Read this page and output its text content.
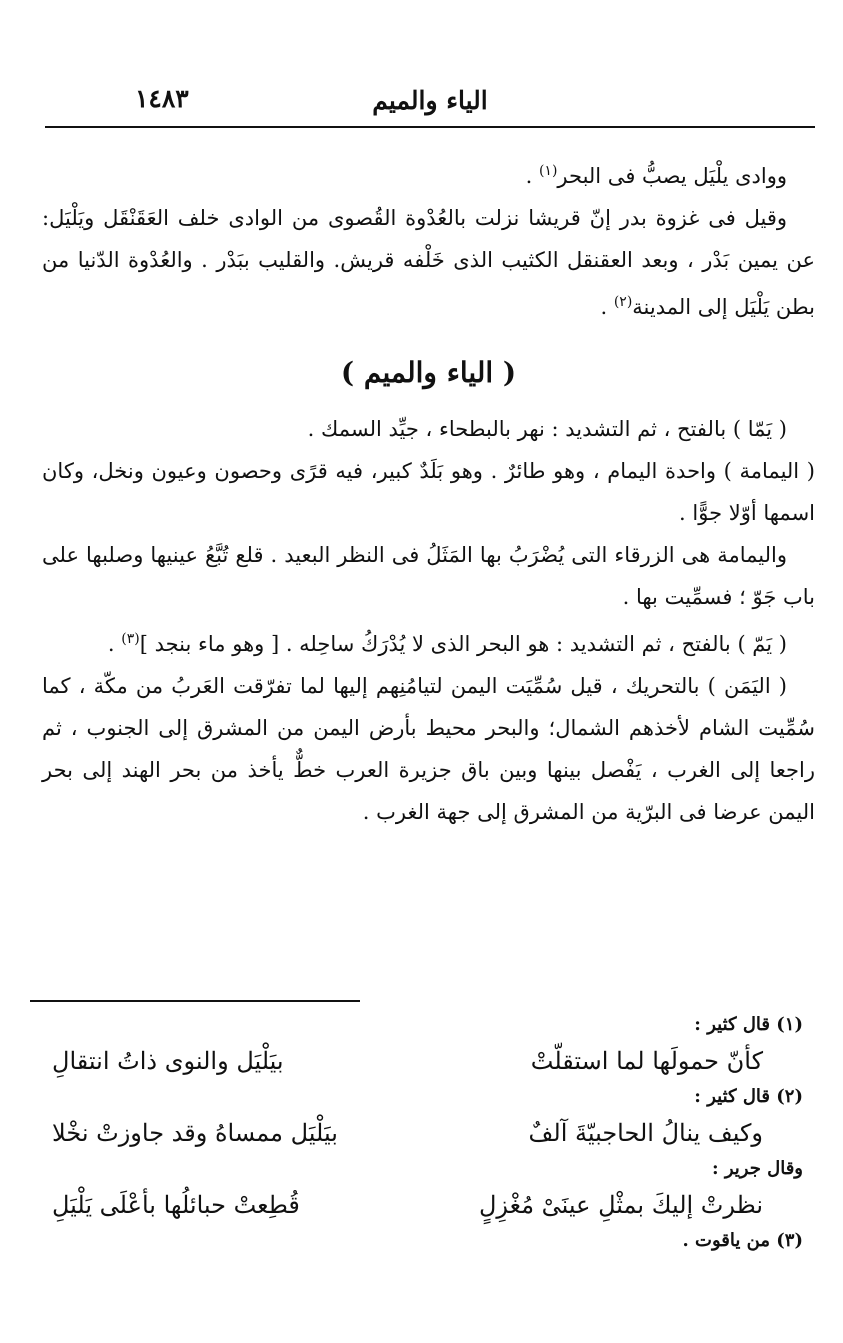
الياء والميم
١٤٨٣

ووادى يلْيَل يصبُّ فى البحر$^{(١)}$ .

وقيل فى غزوة بدر إنّ قريشا نزلت بالعُدْوة القُصوى من الوادى خلف العَقَنْقَل ويَلْيَل: عن يمين بَدْر ، وبعد العقنقل الكثيب الذى خَلْفه قريش. والقليب ببَدْر . والعُدْوة الدّنيا من بطن يَلْيَل إلى المدينة$^{(٢)}$ .

( الياء والميم )

( يَمّا ) بالفتح ، ثم التشديد : نهر بالبطحاء ، جيِّد السمك .

( اليمامة ) واحدة اليمام ، وهو طائرٌ . وهو بَلَدٌ كبير، فيه قرًى وحصون وعيون ونخل، وكان اسمها أوّلا جوًّا .

واليمامة هى الزرقاء التى يُضْرَبُ بها المَثَلُ فى النظر البعيد . قلع تُبَّعُ عينيها وصلبها على باب جَوّ ؛ فسمِّيت بها .

( يَمّ ) بالفتح ، ثم التشديد : هو البحر الذى لا يُدْرَكُ ساحِله . [ وهو ماء بنجد ]$^{(٣)}$ .

( اليَمَن ) بالتحريك ، قيل سُمِّيَت اليمن لتيامُنِهم إليها لما تفرّقت العَربُ من مكّة ، كما سُمِّيت الشام لأخذهم الشمال؛ والبحر محيط بأرض اليمن من المشرق إلى الجنوب ، ثم راجعا إلى الغرب ، يَفْصل بينها وبين باق جزيرة العرب خطٌّ يأخذ من بحر الهند إلى بحر اليمن عرضا فى البرّية من المشرق إلى جهة الغرب .

(١) قال كثير :

كأنّ حمولَها لما استقلّتْ
بيَلْيَل والنوى ذاتُ انتقالِ

(٢) قال كثير :

وكيف ينالُ الحاجبيّةَ آلفٌ
بيَلْيَل ممساهُ وقد جاوزتْ نخْلا

وقال جرير :

نظرتْ إليكَ بمثْلِ عينَىْ مُغْزِلٍ
قُطِعتْ حبائلُها بأعْلَى يَلْيَلِ

(٣) من ياقوت .
